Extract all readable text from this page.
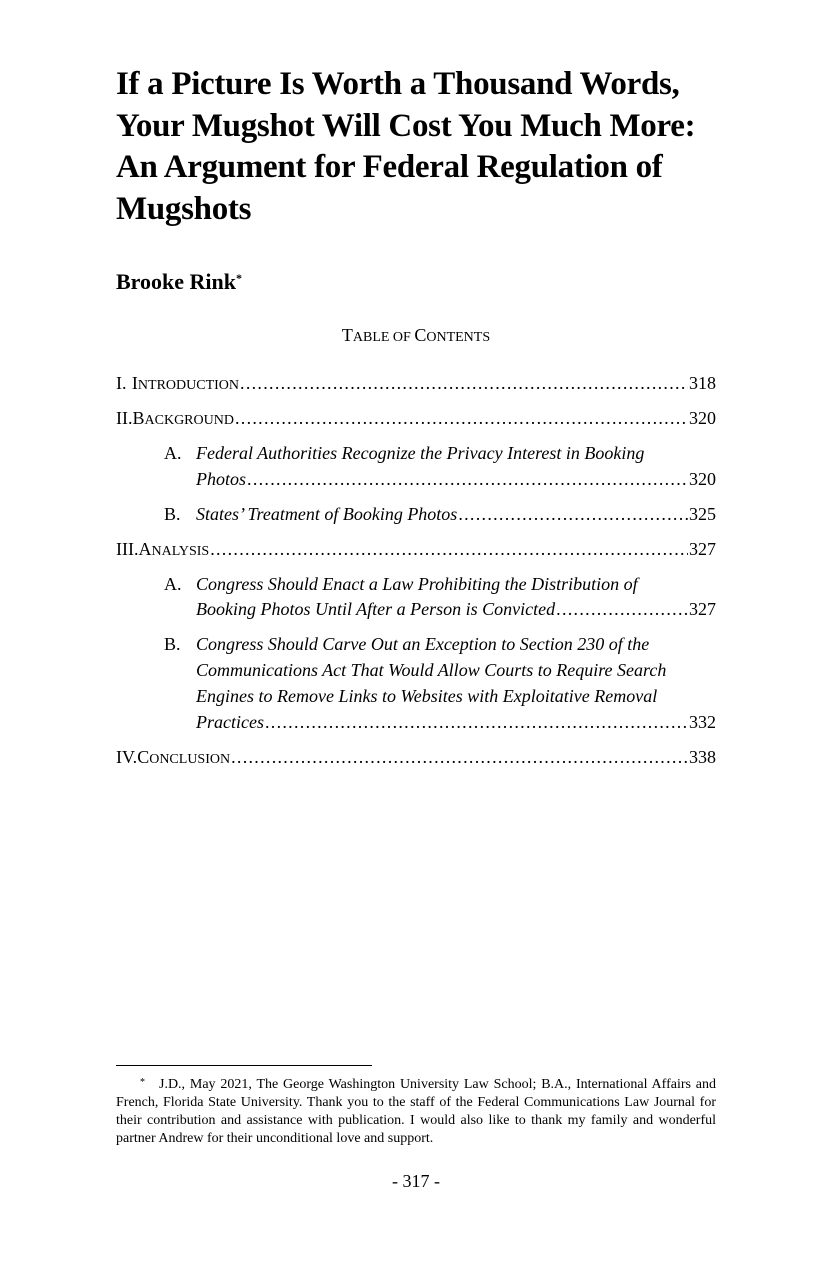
If a Picture Is Worth a Thousand Words, Your Mugshot Will Cost You Much More: An Argument for Federal Regulation of Mugshots
Brooke Rink*
TABLE OF CONTENTS
I. INTRODUCTION . . .	318
II. BACKGROUND . . .	320
A. Federal Authorities Recognize the Privacy Interest in Booking
Photos . . .	320
B. States’ Treatment of Booking Photos . . .	325
III. ANALYSIS . . .	327
A. Congress Should Enact a Law Prohibiting the Distribution of
Booking Photos Until After a Person is Convicted . . .	327
B. Congress Should Carve Out an Exception to Section 230 of the
Communications Act That Would Allow Courts to Require Search
Engines to Remove Links to Websites with Exploitative Removal
Practices . . .	332
IV. CONCLUSION . . .	338
* J.D., May 2021, The George Washington University Law School; B.A., International Affairs and French, Florida State University. Thank you to the staff of the Federal Communications Law Journal for their contribution and assistance with publication. I would also like to thank my family and wonderful partner Andrew for their unconditional love and support.
- 317 -
